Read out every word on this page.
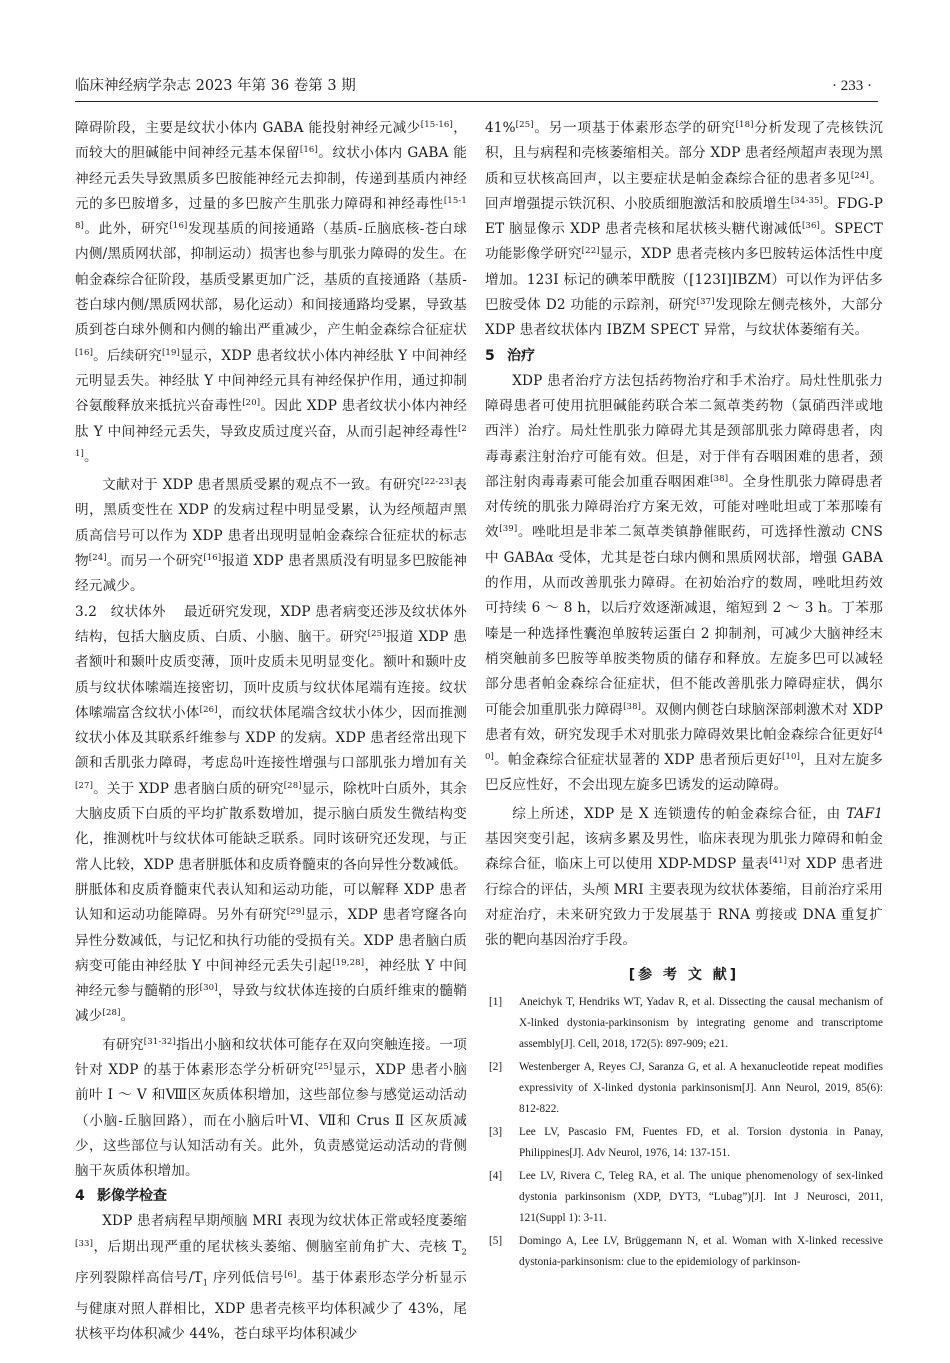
临床神经病学杂志 2023 年第 36 卷第 3 期	· 233 ·

障碍阶段，主要是纹状小体内 GABA 能投射神经元减少[15-16]，而较大的胆碱能中间神经元基本保留[16]。纹状小体内 GABA 能神经元丢失导致黑质多巴胺能神经元去抑制，传递到基质内神经元的多巴胺增多，过量的多巴胺产生肌张力障碍和神经毒性[15-18]。此外，研究[16]发现基质的间接通路（基质-丘脑底核-苍白球内侧/黑质网状部，抑制运动）损害也参与肌张力障碍的发生。在帕金森综合征阶段，基质受累更加广泛，基质的直接通路（基质-苍白球内侧/黑质网状部，易化运动）和间接通路均受累，导致基质到苍白球外侧和内侧的输出严重减少，产生帕金森综合征症状[16]。后续研究[19]显示，XDP 患者纹状小体内神经肽 Y 中间神经元明显丢失。神经肽 Y 中间神经元具有神经保护作用，通过抑制谷氨酸释放来抵抗兴奋毒性[20]。因此 XDP 患者纹状小体内神经肽 Y 中间神经元丢失，导致皮质过度兴奋，从而引起神经毒性[21]。

文献对于 XDP 患者黑质受累的观点不一致。有研究[22-23]表明，黑质变性在 XDP 的发病过程中明显受累，认为经颅超声黑质高信号可以作为 XDP 患者出现明显帕金森综合征症状的标志物[24]。而另一个研究[16]报道 XDP 患者黑质没有明显多巴胺能神经元减少。

3.2 纹状体外 最近研究发现，XDP 患者病变还涉及纹状体外结构，包括大脑皮质、白质、小脑、脑干。研究[25]报道 XDP 患者额叶和颞叶皮质变薄，顶叶皮质未见明显变化。额叶和颞叶皮质与纹状体嗦端连接密切，顶叶皮质与纹状体尾端有连接。纹状体嗦端富含纹状小体[26]，而纹状体尾端含纹状小体少，因而推测纹状小体及其联系纤维参与 XDP 的发病。XDP 患者经常出现下颌和舌肌张力障碍，考虑岛叶连接性增强与口部肌张力增加有关[27]。关于 XDP 患者脑白质的研究[28]显示，除枕叶白质外，其余大脑皮质下白质的平均扩散系数增加，提示脑白质发生微结构变化，推测枕叶与纹状体可能缺乏联系。同时该研究还发现，与正常人比较，XDP 患者胼胝体和皮质脊髓束的各向异性分数减低。胼胝体和皮质脊髓束代表认知和运动功能，可以解释 XDP 患者认知和运动功能障碍。另外有研究[29]显示，XDP 患者穹窿各向异性分数减低，与记忆和执行功能的受损有关。XDP 患者脑白质病变可能由神经肽 Y 中间神经元丢失引起[19,28]，神经肽 Y 中间神经元参与髓鞘的形[30]，导致与纹状体连接的白质纤维束的髓鞘减少[28]。

有研究[31-32]指出小脑和纹状体可能存在双向突触连接。一项针对 XDP 的基于体素形态学分析研究[25]显示，XDP 患者小脑前叶 Ⅰ ～ Ⅴ 和Ⅷ区灰质体积增加，这些部位参与感觉运动活动（小脑-丘脑回路），而在小脑后叶Ⅵ、Ⅶ和 Crus Ⅱ 区灰质减少，这些部位与认知活动有关。此外，负责感觉运动活动的背侧脑干灰质体积增加。

4 影像学检查

XDP 患者病程早期颅脑 MRI 表现为纹状体正常或轻度萎缩[33]，后期出现严重的尾状核头萎缩、侧脑室前角扩大、壳核 $T_2$ 序列裂隙样高信号$/T_1$ 序列低信号[6]。基于体素形态学分析显示与健康对照人群相比，XDP 患者壳核平均体积减少了 43%，尾状核平均体积减少 44%，苍白球平均体积减少

41%[25]。另一项基于体素形态学的研究[18]分析发现了壳核铁沉积，且与病程和壳核萎缩相关。部分 XDP 患者经颅超声表现为黑质和豆状核高回声，以主要症状是帕金森综合征的患者多见[24]。回声增强提示铁沉积、小胶质细胞激活和胶质增生[34-35]。FDG-PET 脑显像示 XDP 患者壳核和尾状核头糖代谢减低[36]。SPECT 功能影像学研究[22]显示，XDP 患者壳核内多巴胺转运体活性中度增加。123I 标记的碘苯甲酰胺（[123I]IBZM）可以作为评估多巴胺受体 D2 功能的示踪剂，研究[37]发现除左侧壳核外，大部分 XDP 患者纹状体内 IBZM SPECT 异常，与纹状体萎缩有关。

5 治疗

XDP 患者治疗方法包括药物治疗和手术治疗。局灶性肌张力障碍患者可使用抗胆碱能药联合苯二氮䓬类药物（氯硝西泮或地西泮）治疗。局灶性肌张力障碍尤其是颈部肌张力障碍患者，肉毒毒素注射治疗可能有效。但是，对于伴有吞咽困难的患者，颈部注射肉毒毒素可能会加重吞咽困难[38]。全身性肌张力障碍患者对传统的肌张力障碍治疗方案无效，可能对唑吡坦或丁苯那嗪有效[39]。唑吡坦是非苯二氮䓬类镇静催眠药，可选择性激动 CNS 中 GABAα 受体，尤其是苍白球内侧和黑质网状部，增强 GABA 的作用，从而改善肌张力障碍。在初始治疗的数周，唑吡坦药效可持续 6 ～ 8 h，以后疗效逐渐减退，缩短到 2 ～ 3 h。丁苯那嗪是一种选择性囊泡单胺转运蛋白 2 抑制剂，可减少大脑神经末梢突触前多巴胺等单胺类物质的储存和释放。左旋多巴可以减轻部分患者帕金森综合征症状，但不能改善肌张力障碍症状，偶尔可能会加重肌张力障碍[38]。双侧内侧苍白球脑深部刺激术对 XDP 患者有效，研究发现手术对肌张力障碍效果比帕金森综合征更好[40]。帕金森综合征症状显著的 XDP 患者预后更好[10]，且对左旋多巴反应性好，不会出现左旋多巴诱发的运动障碍。

综上所述，XDP 是 X 连锁遗传的帕金森综合征，由 TAF1 基因突变引起，该病多累及男性，临床表现为肌张力障碍和帕金森综合征，临床上可以使用 XDP-MDSP 量表[41]对 XDP 患者进行综合的评估，头颅 MRI 主要表现为纹状体萎缩，目前治疗采用对症治疗，未来研究致力于发展基于 RNA 剪接或 DNA 重复扩张的靶向基因治疗手段。

[参 考 文 献]
[1] Aneichyk T, Hendriks WT, Yadav R, et al. Dissecting the causal mechanism of X-linked dystonia-parkinsonism by integrating genome and transcriptome assembly[J]. Cell, 2018, 172(5): 897-909; e21.
[2] Westenberger A, Reyes CJ, Saranza G, et al. A hexanucleotide repeat modifies expressivity of X-linked dystonia parkinsonism[J]. Ann Neurol, 2019, 85(6): 812-822.
[3] Lee LV, Pascasio FM, Fuentes FD, et al. Torsion dystonia in Panay, Philippines[J]. Adv Neurol, 1976, 14: 137-151.
[4] Lee LV, Rivera C, Teleg RA, et al. The unique phenomenology of sex-linked dystonia parkinsonism (XDP, DYT3, “Lubag”)[J]. Int J Neurosci, 2011, 121(Suppl 1): 3-11.
[5] Domingo A, Lee LV, Brüggemann N, et al. Woman with X-linked recessive dystonia-parkinsonism: clue to the epidemiology of parkinson-
